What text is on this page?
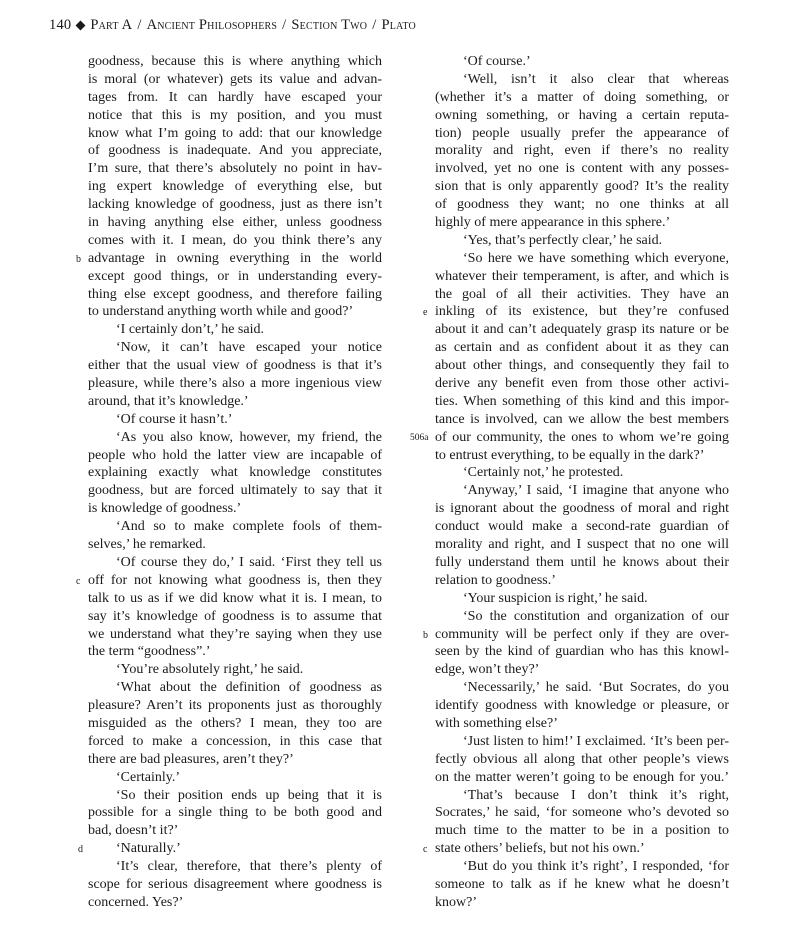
140 Part A / Ancient Philosophers / Section Two / Plato
goodness, because this is where anything which
is moral (or whatever) gets its value and advan-
tages from. It can hardly have escaped your
notice that this is my position, and you must
know what I’m going to add: that our knowledge
of goodness is inadequate. And you appreciate,
I’m sure, that there’s absolutely no point in hav-
ing expert knowledge of everything else, but
lacking knowledge of goodness, just as there isn’t
in having anything else either, unless goodness
comes with it. I mean, do you think there’s any
advantage in owning everything in the world
b
except good things, or in understanding every-
thing else except goodness, and therefore failing
to understand anything worth while and good?’
‘I certainly don’t,’ he said.
‘Now, it can’t have escaped your notice
either that the usual view of goodness is that it’s
pleasure, while there’s also a more ingenious view
around, that it’s knowledge.’
‘Of course it hasn’t.’
‘As you also know, however, my friend, the
people who hold the latter view are incapable of
explaining exactly what knowledge constitutes
goodness, but are forced ultimately to say that it
is knowledge of goodness.’
‘And so to make complete fools of them-
selves,’ he remarked.
‘Of course they do,’ I said. ‘First they tell us
off for not knowing what goodness is, then they
c
talk to us as if we did know what it is. I mean, to
say it’s knowledge of goodness is to assume that
we understand what they’re saying when they use
the term “goodness”.’
‘You’re absolutely right,’ he said.
‘What about the definition of goodness as
pleasure? Aren’t its proponents just as thoroughly
misguided as the others? I mean, they too are
forced to make a concession, in this case that
there are bad pleasures, aren’t they?’
‘Certainly.’
‘So their position ends up being that it is
possible for a single thing to be both good and
bad, doesn’t it?’
‘Naturally.’
d
‘It’s clear, therefore, that there’s plenty of
scope for serious disagreement where goodness is
concerned. Yes?’
‘Of course.’
‘Well, isn’t it also clear that whereas
(whether it’s a matter of doing something, or
owning something, or having a certain reputa-
tion) people usually prefer the appearance of
morality and right, even if there’s no reality
involved, yet no one is content with any posses-
sion that is only apparently good? It’s the reality
of goodness they want; no one thinks at all
highly of mere appearance in this sphere.’
‘Yes, that’s perfectly clear,’ he said.
‘So here we have something which everyone,
whatever their temperament, is after, and which is
the goal of all their activities. They have an
inkling of its existence, but they’re confused
e
about it and can’t adequately grasp its nature or be
as certain and as confident about it as they can
about other things, and consequently they fail to
derive any benefit even from those other activi-
ties. When something of this kind and this impor-
tance is involved, can we allow the best members
of our community, the ones to whom we’re going
506a
to entrust everything, to be equally in the dark?’
‘Certainly not,’ he protested.
‘Anyway,’ I said, ‘I imagine that anyone who
is ignorant about the goodness of moral and right
conduct would make a second-rate guardian of
morality and right, and I suspect that no one will
fully understand them until he knows about their
relation to goodness.’
‘Your suspicion is right,’ he said.
‘So the constitution and organization of our
community will be perfect only if they are over-
b
seen by the kind of guardian who has this knowl-
edge, won’t they?’
‘Necessarily,’ he said. ‘But Socrates, do you
identify goodness with knowledge or pleasure, or
with something else?’
‘Just listen to him!’ I exclaimed. ‘It’s been per-
fectly obvious all along that other people’s views
on the matter weren’t going to be enough for you.’
‘That’s because I don’t think it’s right,
Socrates,’ he said, ‘for someone who’s devoted so
much time to the matter to be in a position to
state others’ beliefs, but not his own.’
c
‘But do you think it’s right’, I responded, ‘for
someone to talk as if he knew what he doesn’t
know?’
